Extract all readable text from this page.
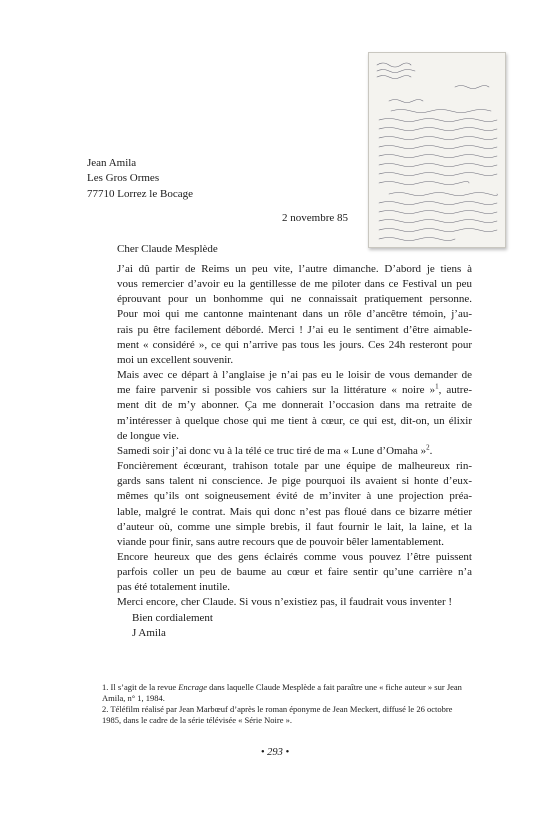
Jean Amila
Les Gros Ormes
77710 Lorrez le Bocage
2 novembre 85
Cher Claude Mesplède

J’ai dû partir de Reims un peu vite, l’autre dimanche. D’abord je tiens à
vous remercier d’avoir eu la gentillesse de me piloter dans ce Festival un peu
éprouvant pour un bonhomme qui ne connaissait pratiquement personne.
Pour moi qui me cantonne maintenant dans un rôle d’ancêtre témoin, j’au-
rais pu être facilement débordé. Merci ! J’ai eu le sentiment d’être aimable-
ment « considéré », ce qui n’arrive pas tous les jours. Ces 24h resteront pour
moi un excellent souvenir.

Mais avec ce départ à l’anglaise je n’ai pas eu le loisir de vous demander de
me faire parvenir si possible vos cahiers sur la littérature « noire »$^1$, autre-
ment dit de m’y abonner. Ça me donnerait l’occasion dans ma retraite de
m’intéresser à quelque chose qui me tient à cœur, ce qui est, dit-on, un élixir
de longue vie.

Samedi soir j’ai donc vu à la télé ce truc tiré de ma « Lune d’Omaha »$^2$.
Foncièrement écœurant, trahison totale par une équipe de malheureux rin-
gards sans talent ni conscience. Je pige pourquoi ils avaient si honte d’eux-
mêmes qu’ils ont soigneusement évité de m’inviter à une projection préa-
lable, malgré le contrat. Mais qui donc n’est pas floué dans ce bizarre métier
d’auteur où, comme une simple brebis, il faut fournir le lait, la laine, et la
viande pour finir, sans autre recours que de pouvoir bêler lamentablement.

Encore heureux que des gens éclairés comme vous pouvez l’être puissent
parfois coller un peu de baume au cœur et faire sentir qu’une carrière n’a
pas été totalement inutile.

Merci encore, cher Claude. Si vous n’existiez pas, il faudrait vous inventer !

Bien cordialement

J Amila

1. Il s’agit de la revue Encrage dans laquelle Claude Mesplède a fait paraître une « fiche auteur » sur Jean Amila, n° 1, 1984.

2. Téléfilm réalisé par Jean Marbœuf d’après le roman éponyme de Jean Meckert, diffusé le 26 octobre 1985, dans le cadre de la série télévisée « Série Noire ».

• 293 •
